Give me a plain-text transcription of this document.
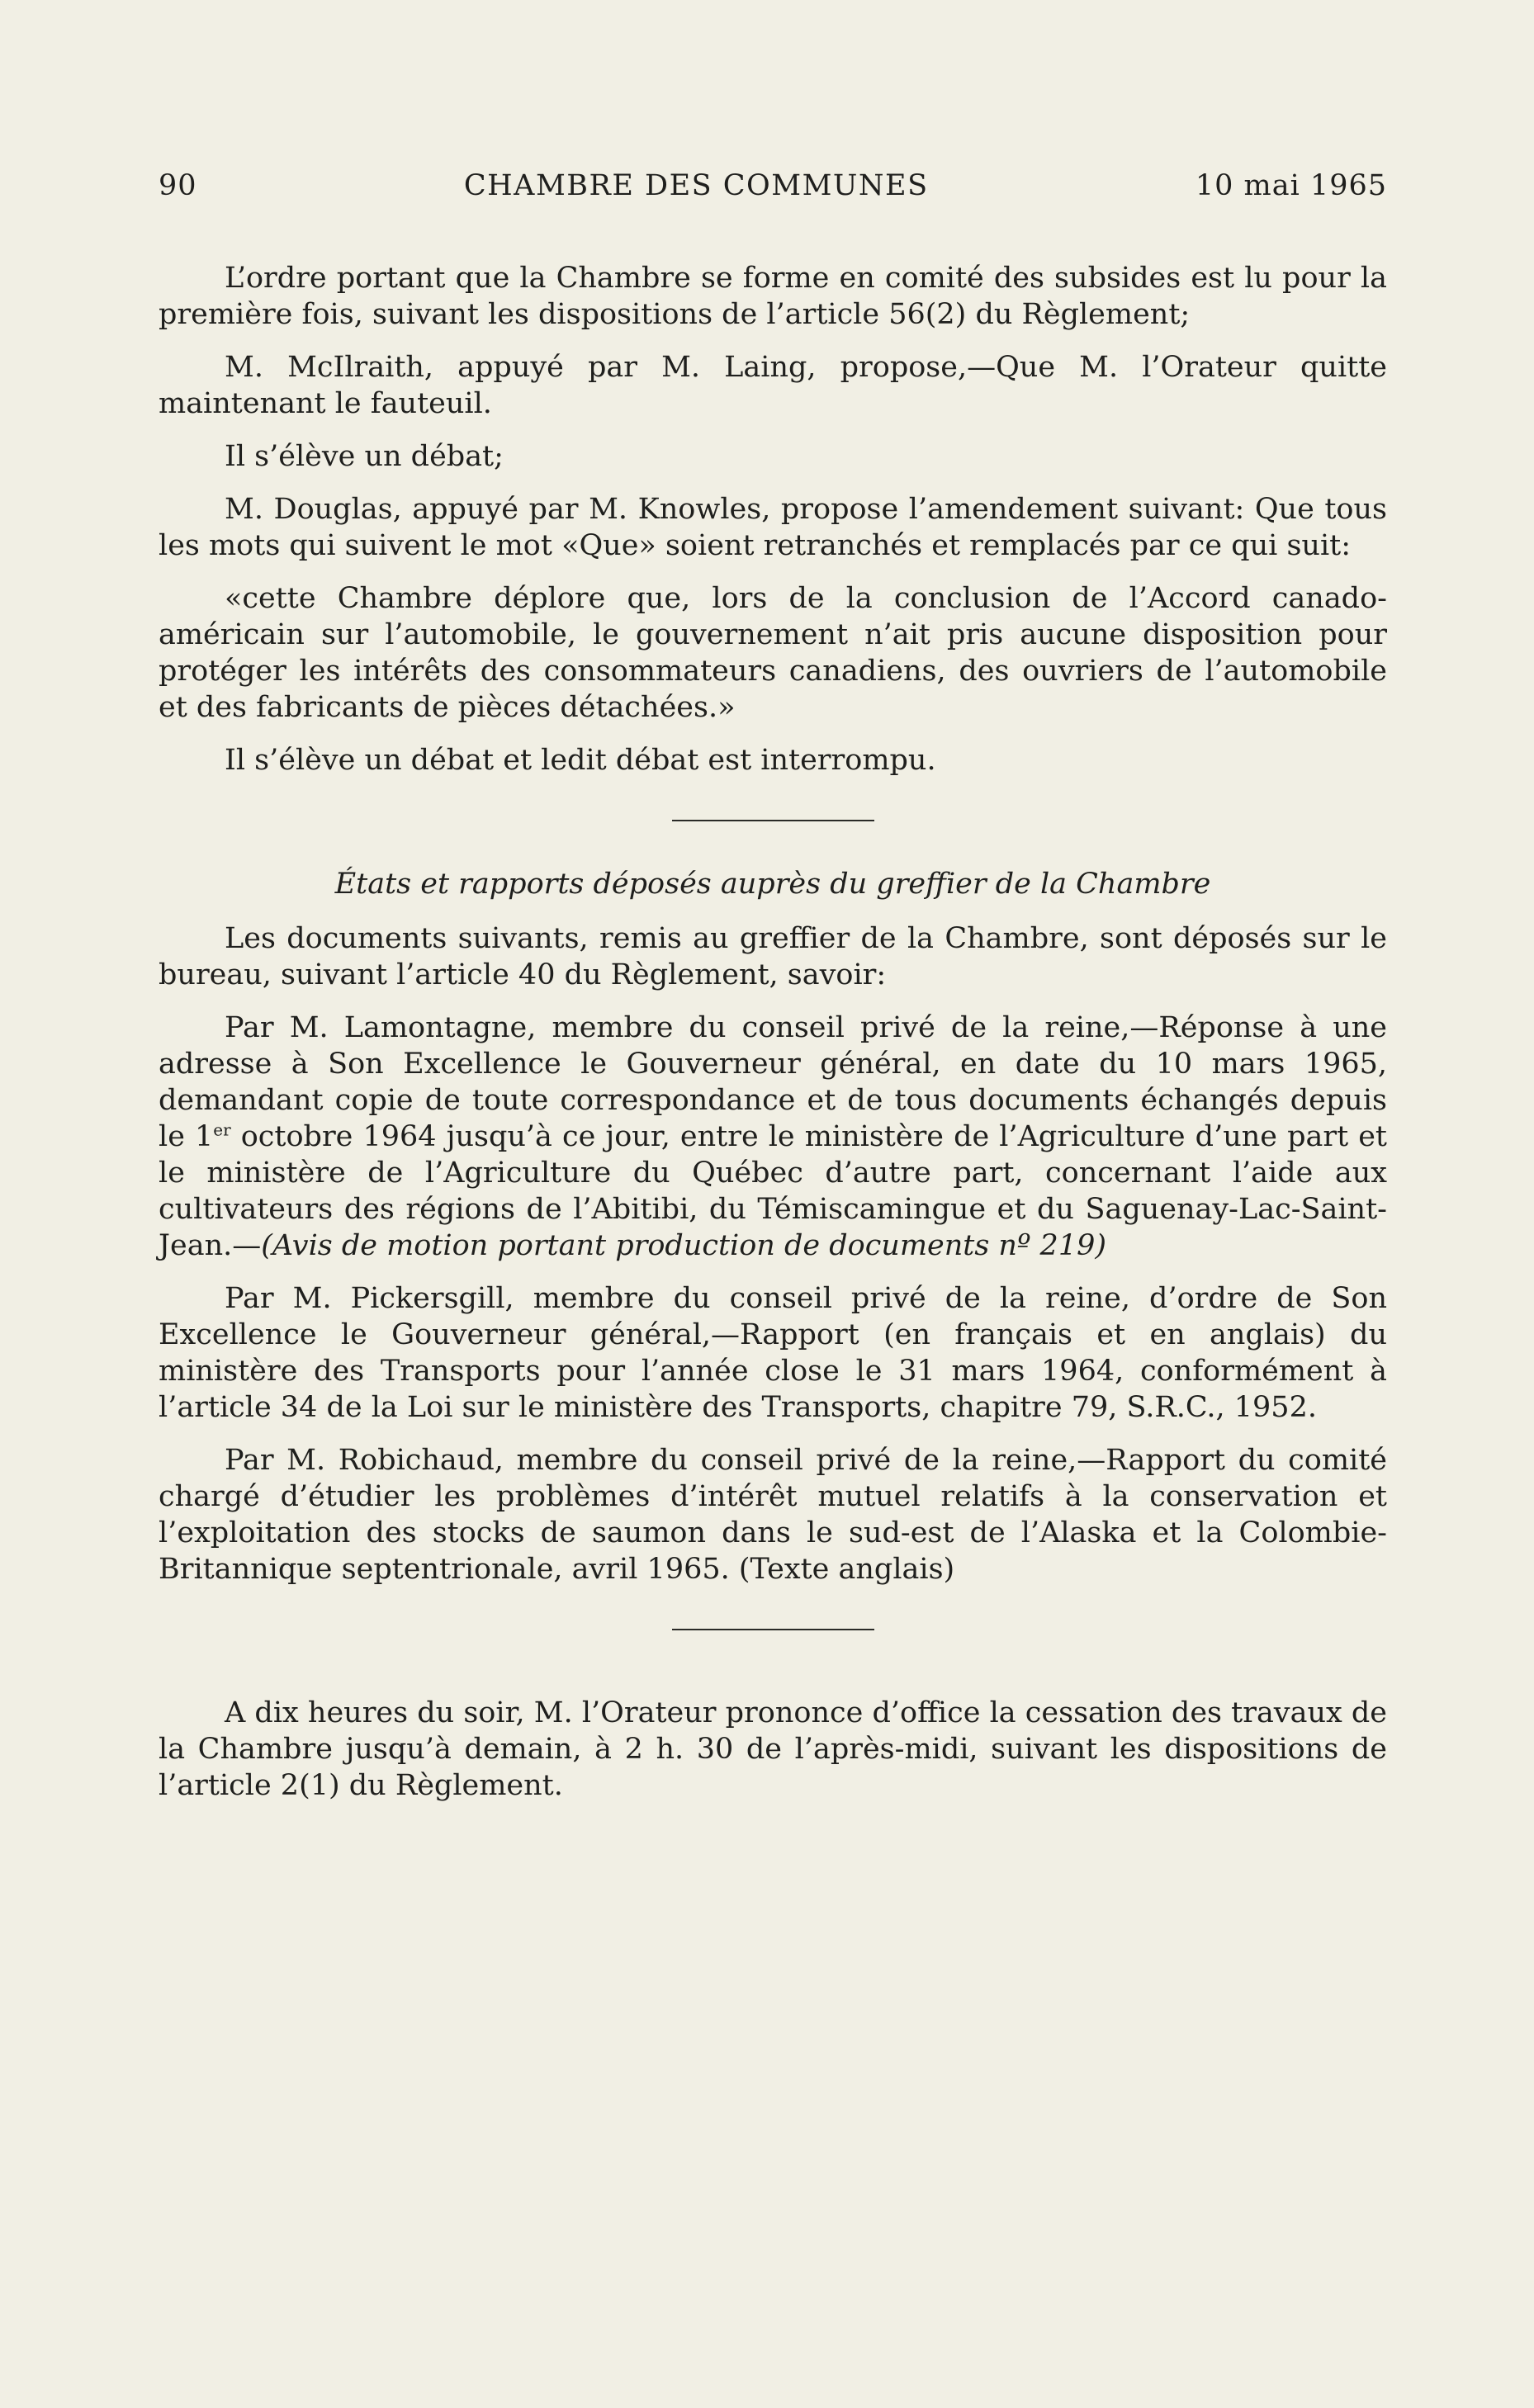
90	CHAMBRE DES COMMUNES	10 mai 1965

L’ordre portant que la Chambre se forme en comité des subsides est lu pour la première fois, suivant les dispositions de l’article 56(2) du Règlement;

M. McIlraith, appuyé par M. Laing, propose,—Que M. l’Orateur quitte maintenant le fauteuil.

Il s’élève un débat;

M. Douglas, appuyé par M. Knowles, propose l’amendement suivant: Que tous les mots qui suivent le mot «Que» soient retranchés et remplacés par ce qui suit:

«cette Chambre déplore que, lors de la conclusion de l’Accord canado-américain sur l’automobile, le gouvernement n’ait pris aucune disposition pour protéger les intérêts des consommateurs canadiens, des ouvriers de l’automobile et des fabricants de pièces détachées.»

Il s’élève un débat et ledit débat est interrompu.

États et rapports déposés auprès du greffier de la Chambre

Les documents suivants, remis au greffier de la Chambre, sont déposés sur le bureau, suivant l’article 40 du Règlement, savoir:

Par M. Lamontagne, membre du conseil privé de la reine,—Réponse à une adresse à Son Excellence le Gouverneur général, en date du 10 mars 1965, demandant copie de toute correspondance et de tous documents échangés depuis le 1er octobre 1964 jusqu’à ce jour, entre le ministère de l’Agriculture d’une part et le ministère de l’Agriculture du Québec d’autre part, concernant l’aide aux cultivateurs des régions de l’Abitibi, du Témiscamingue et du Saguenay-Lac-Saint-Jean.—(Avis de motion portant production de documents nº 219)

Par M. Pickersgill, membre du conseil privé de la reine, d’ordre de Son Excellence le Gouverneur général,—Rapport (en français et en anglais) du ministère des Transports pour l’année close le 31 mars 1964, conformément à l’article 34 de la Loi sur le ministère des Transports, chapitre 79, S.R.C., 1952.

Par M. Robichaud, membre du conseil privé de la reine,—Rapport du comité chargé d’étudier les problèmes d’intérêt mutuel relatifs à la conservation et l’exploitation des stocks de saumon dans le sud-est de l’Alaska et la Colombie-Britannique septentrionale, avril 1965. (Texte anglais)

A dix heures du soir, M. l’Orateur prononce d’office la cessation des travaux de la Chambre jusqu’à demain, à 2 h. 30 de l’après-midi, suivant les dispositions de l’article 2(1) du Règlement.
